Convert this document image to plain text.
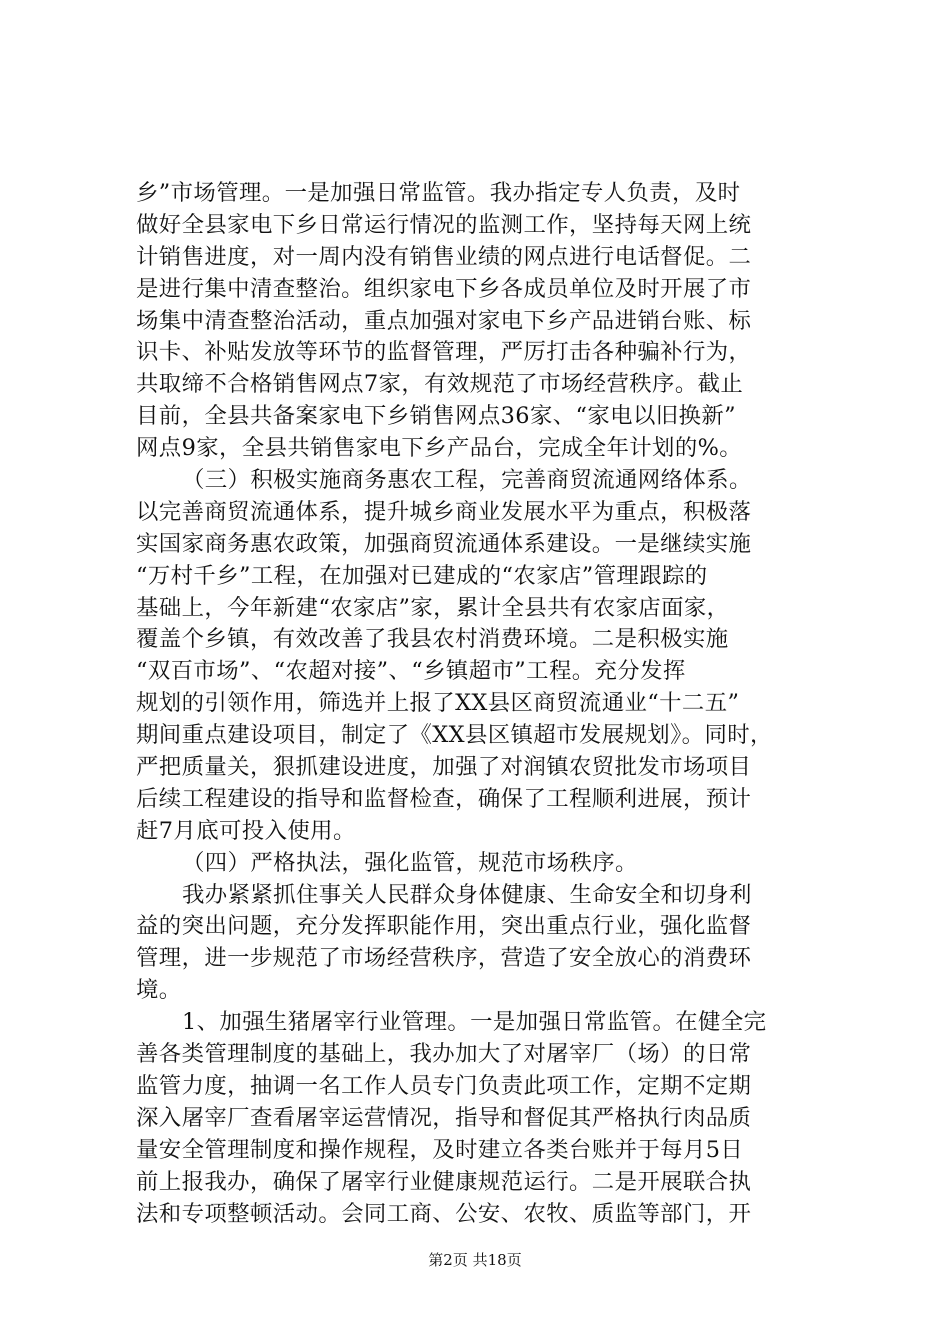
乡”市场管理。一是加强日常监管。我办指定专人负责，及时
做好全县家电下乡日常运行情况的监测工作，坚持每天网上统
计销售进度，对一周内没有销售业绩的网点进行电话督促。二
是进行集中清查整治。组织家电下乡各成员单位及时开展了市
场集中清查整治活动，重点加强对家电下乡产品进销台账、标
识卡、补贴发放等环节的监督管理，严厉打击各种骗补行为，
共取缔不合格销售网点7家，有效规范了市场经营秩序。截止
目前，全县共备案家电下乡销售网点36家、“家电以旧换新”
网点9家，全县共销售家电下乡产品台，完成全年计划的%。
（三）积极实施商务惠农工程，完善商贸流通网络体系。
以完善商贸流通体系，提升城乡商业发展水平为重点，积极落
实国家商务惠农政策，加强商贸流通体系建设。一是继续实施
“万村千乡”工程，在加强对已建成的“农家店”管理跟踪的
基础上，今年新建“农家店”家，累计全县共有农家店面家，
覆盖个乡镇，有效改善了我县农村消费环境。二是积极实施
“双百市场”、“农超对接”、“乡镇超市”工程。充分发挥
规划的引领作用，筛选并上报了XX县区商贸流通业“十二五”
期间重点建设项目，制定了《XX县区镇超市发展规划》。同时，
严把质量关，狠抓建设进度，加强了对润镇农贸批发市场项目
后续工程建设的指导和监督检查，确保了工程顺利进展，预计
赶7月底可投入使用。
（四）严格执法，强化监管，规范市场秩序。
我办紧紧抓住事关人民群众身体健康、生命安全和切身利
益的突出问题，充分发挥职能作用，突出重点行业，强化监督
管理，进一步规范了市场经营秩序，营造了安全放心的消费环
境。
1、加强生猪屠宰行业管理。一是加强日常监管。在健全完
善各类管理制度的基础上，我办加大了对屠宰厂（场）的日常
监管力度，抽调一名工作人员专门负责此项工作，定期不定期
深入屠宰厂查看屠宰运营情况，指导和督促其严格执行肉品质
量安全管理制度和操作规程，及时建立各类台账并于每月5日
前上报我办，确保了屠宰行业健康规范运行。二是开展联合执
法和专项整顿活动。会同工商、公安、农牧、质监等部门，开
第2页 共18页
